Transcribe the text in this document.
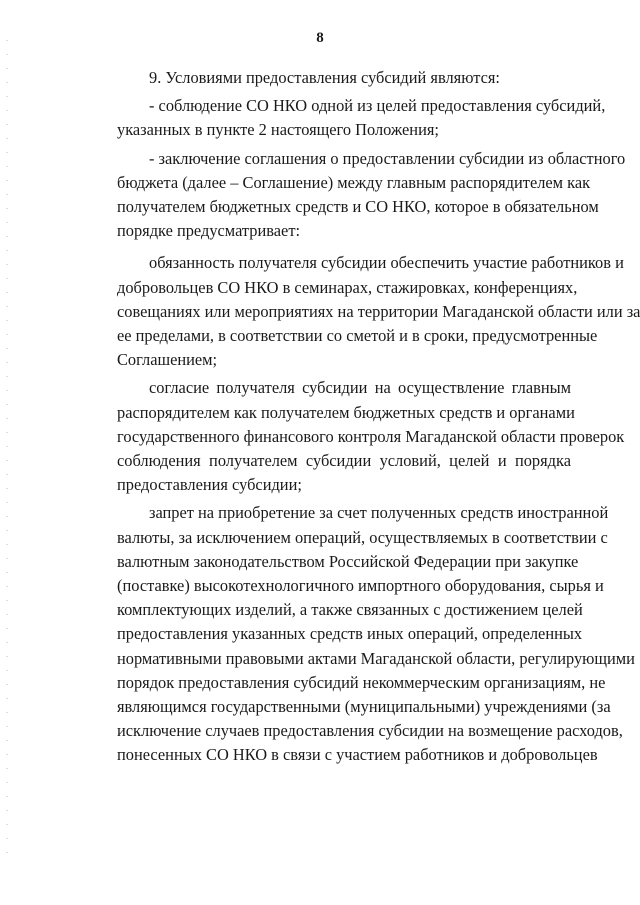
8
9. Условиями предоставления субсидий являются:
- соблюдение СО НКО одной из целей предоставления субсидий,
указанных в пункте 2 настоящего Положения;
- заключение соглашения о предоставлении субсидии из областного
бюджета (далее – Соглашение) между главным распорядителем как
получателем бюджетных средств и СО НКО, которое в обязательном
порядке предусматривает:
обязанность получателя субсидии обеспечить участие работников и
добровольцев СО НКО в семинарах, стажировках, конференциях,
совещаниях или мероприятиях на территории Магаданской области или за
ее пределами, в соответствии со сметой и в сроки, предусмотренные
Соглашением;
согласие получателя субсидии на осуществление главным
распорядителем как получателем бюджетных средств и органами
государственного финансового контроля Магаданской области проверок
соблюдения получателем субсидии условий, целей и порядка
предоставления субсидии;
запрет на приобретение за счет полученных средств иностранной
валюты, за исключением операций, осуществляемых в соответствии с
валютным законодательством Российской Федерации при закупке
(поставке) высокотехнологичного импортного оборудования, сырья и
комплектующих изделий, а также связанных с достижением целей
предоставления указанных средств иных операций, определенных
нормативными правовыми актами Магаданской области, регулирующими
порядок предоставления субсидий некоммерческим организациям, не
являющимся государственными (муниципальными) учреждениями (за
исключение случаев предоставления субсидии на возмещение расходов,
понесенных СО НКО в связи с участием работников и добровольцев
